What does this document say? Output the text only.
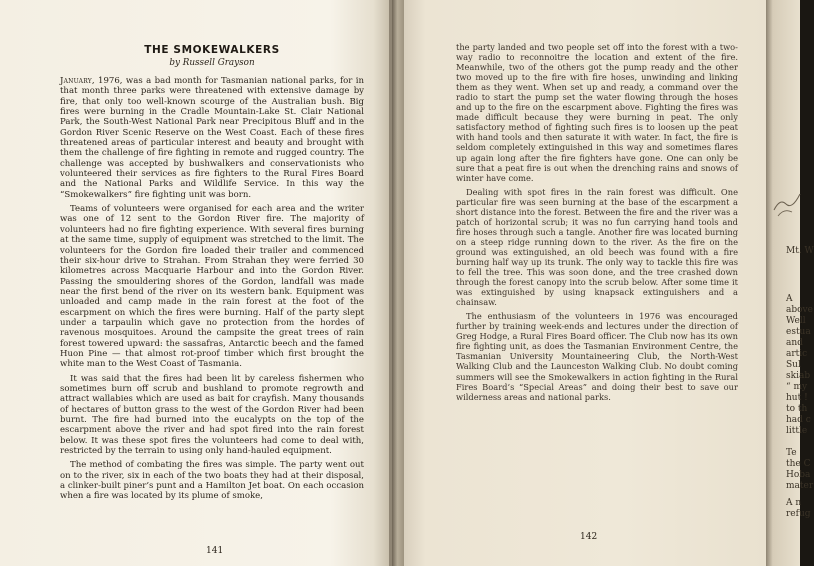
THE SMOKEWALKERS
by Russell Grayson

January, 1976, was a bad month for Tasmanian national parks, for in that month three parks were threatened with extensive damage by fire, that only too well-known scourge of the Australian bush. Big fires were burning in the Cradle Mountain-Lake St. Clair National Park, the South-West National Park near Precipitous Bluff and in the Gordon River Scenic Reserve on the West Coast. Each of these fires threatened areas of particular interest and beauty and brought with them the challenge of fire fighting in remote and rugged country. The challenge was accepted by bushwalkers and conservationists who volunteered their services as fire fighters to the Rural Fires Board and the National Parks and Wildlife Service. In this way the “Smokewalkers” fire fighting unit was born.

Teams of volunteers were organised for each area and the writer was one of 12 sent to the Gordon River fire. The majority of volunteers had no fire fighting experience. With several fires burning at the same time, supply of equipment was stretched to the limit. The volunteers for the Gordon fire loaded their trailer and commenced their six-hour drive to Strahan. From Strahan they were ferried 30 kilometres across Macquarie Harbour and into the Gordon River. Passing the smouldering shores of the Gordon, landfall was made near the first bend of the river on its western bank. Equipment was unloaded and camp made in the rain forest at the foot of the escarpment on which the fires were burning. Half of the party slept under a tarpaulin which gave no protection from the hordes of ravenous mosquitoes. Around the campsite the great trees of rain forest towered upward: the sassafras, Antarctic beech and the famed Huon Pine — that almost rot-proof timber which first brought the white man to the West Coast of Tasmania.

It was said that the fires had been lit by careless fishermen who sometimes burn off scrub and bushland to promote regrowth and attract wallabies which are used as bait for crayfish. Many thousands of hectares of button grass to the west of the Gordon River had been burnt. The fire had burned into the eucalypts on the top of the escarpment above the river and had spot fired into the rain forest below. It was these spot fires the volunteers had come to deal with, restricted by the terrain to using only hand-hauled equipment.

The method of combating the fires was simple. The party went out on to the river, six in each of the two boats they had at their disposal, a clinker-built piner’s punt and a Hamilton Jet boat. On each occasion when a fire was located by its plume of smoke,

141

the party landed and two people set off into the forest with a two-way radio to reconnoitre the location and extent of the fire. Meanwhile, two of the others got the pump ready and the other two moved up to the fire with fire hoses, unwinding and linking them as they went. When set up and ready, a command over the radio to start the pump set the water flowing through the hoses and up to the fire on the escarpment above. Fighting the fires was made difficult because they were burning in peat. The only satisfactory method of fighting such fires is to loosen up the peat with hand tools and then saturate it with water. In fact, the fire is seldom completely extinguished in this way and sometimes flares up again long after the fire fighters have gone. One can only be sure that a peat fire is out when the drenching rains and snows of winter have come.

Dealing with spot fires in the rain forest was difficult. One particular fire was seen burning at the base of the escarpment a short distance into the forest. Between the fire and the river was a patch of horizontal scrub; it was no fun carrying hand tools and fire hoses through such a tangle. Another fire was located burning on a steep ridge running down to the river. As the fire on the ground was extinguished, an old beech was found with a fire burning half way up its trunk. The only way to tackle this fire was to fell the tree. This was soon done, and the tree crashed down through the forest canopy into the scrub below. After some time it was extinguished by using knapsack extinguishers and a chainsaw.

The enthusiasm of the volunteers in 1976 was encouraged further by training week-ends and lectures under the direction of Greg Hodge, a Rural Fires Board officer. The Club now has its own fire fighting unit, as does the Tasmanian Environment Centre, the Tasmanian University Mountaineering Club, the North-West Walking Club and the Launceston Walking Club. No doubt coming summers will see the Smokewalkers in action fighting in the Rural Fires Board’s “Special Areas” and doing their best to save our wilderness areas and national parks.

142
Mt. W
A
above
Well
estua
and
artic
Sul
skiab
“ my
hut !
to th
had c
little
Te
the C
Hoba
mater
A n
refug
